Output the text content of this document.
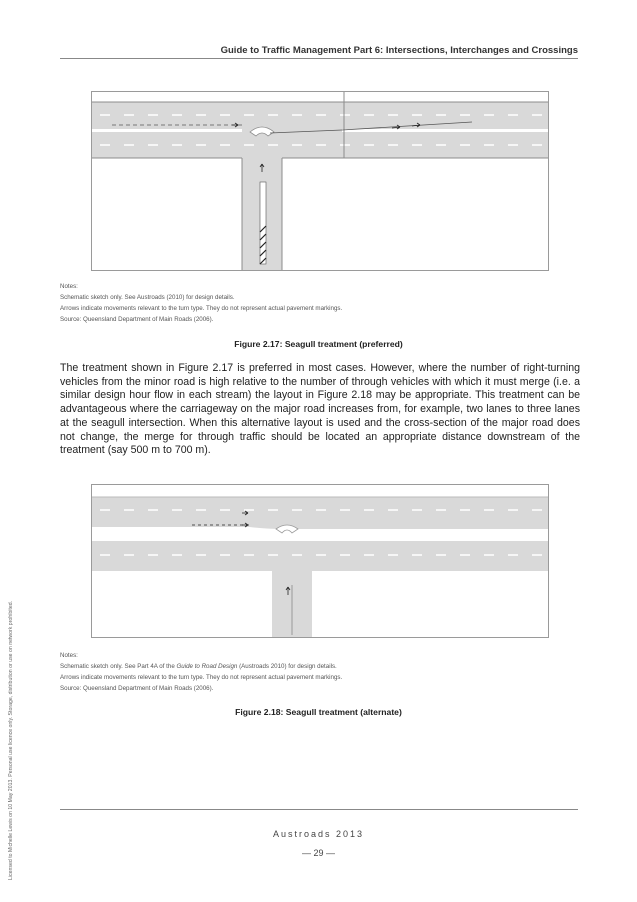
Guide to Traffic Management Part 6: Intersections, Interchanges and Crossings
Notes:
Schematic sketch only. See Austroads (2010) for design details.
Arrows indicate movements relevant to the turn type. They do not represent actual pavement markings.
Source: Queensland Department of Main Roads (2006).
Figure 2.17: Seagull treatment (preferred)
The treatment shown in Figure 2.17 is preferred in most cases. However, where the number of right-turning vehicles from the minor road is high relative to the number of through vehicles with which it must merge (i.e. a similar design hour flow in each stream) the layout in Figure 2.18 may be appropriate. This treatment can be advantageous where the carriageway on the major road increases from, for example, two lanes to three lanes at the seagull intersection. When this alternative layout is used and the cross-section of the major road does not change, the merge for through traffic should be located an appropriate distance downstream of the treatment (say 500 m to 700 m).
Notes:
Schematic sketch only. See Part 4A of the Guide to Road Design (Austroads 2010) for design details.
Arrows indicate movements relevant to the turn type. They do not represent actual pavement markings.
Source: Queensland Department of Main Roads (2006).
Figure 2.18: Seagull treatment (alternate)
Austroads 2013
— 29 —
Licensed to Michelle Lewis on 10 May 2013. Personal use licence only. Storage, distribution or use on network prohibited.
